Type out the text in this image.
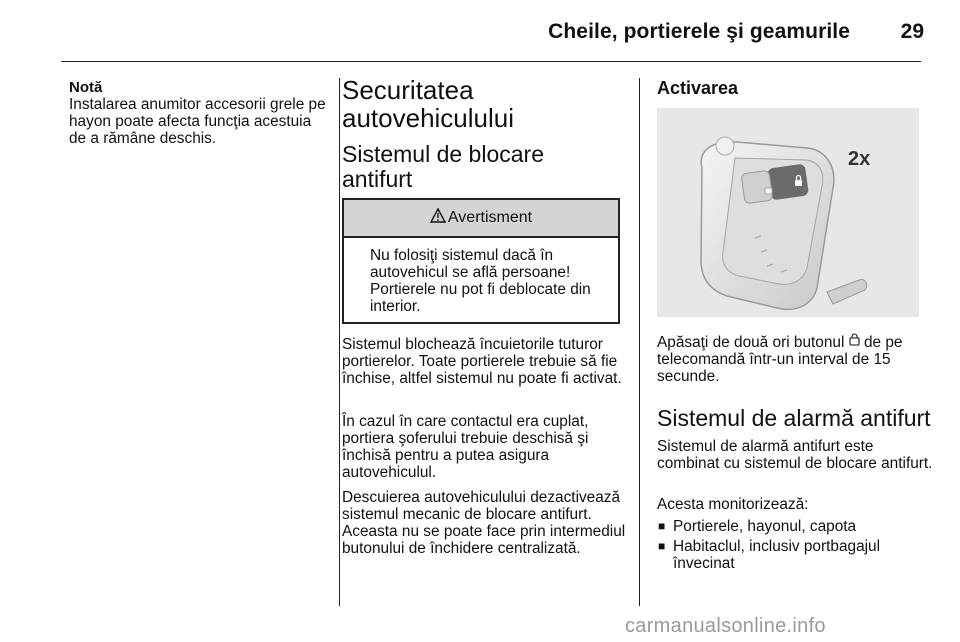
Cheile, portierele şi geamurile	29
Notă

Instalarea anumitor accesorii grele pe hayon poate afecta funcţia acestuia de a rămâne deschis.

Securitatea
autovehiculului
Sistemul de blocare
antifurt
Avertisment
Nu folosiţi sistemul dacă în autovehicul se află persoane! Portierele nu pot fi deblocate din interior.

Sistemul blochează încuietorile tuturor portierelor. Toate portierele trebuie să fie închise, altfel sistemul nu poate fi activat.

În cazul în care contactul era cuplat, portiera şoferului trebuie deschisă şi închisă pentru a putea asigura autovehiculul.

Descuierea autovehiculului dezactivează sistemul mecanic de blocare antifurt. Aceasta nu se poate face prin intermediul butonului de închidere centralizată.

Activarea
2x

Apăsaţi de două ori butonul de pe telecomandă într-un interval de 15 secunde.

Sistemul de alarmă antifurt

Sistemul de alarmă antifurt este combinat cu sistemul de blocare antifurt.

Acesta monitorizează:

■ Portierele, hayonul, capota
■ Habitaclul, inclusiv portbagajul învecinat
carmanualsonline.info
